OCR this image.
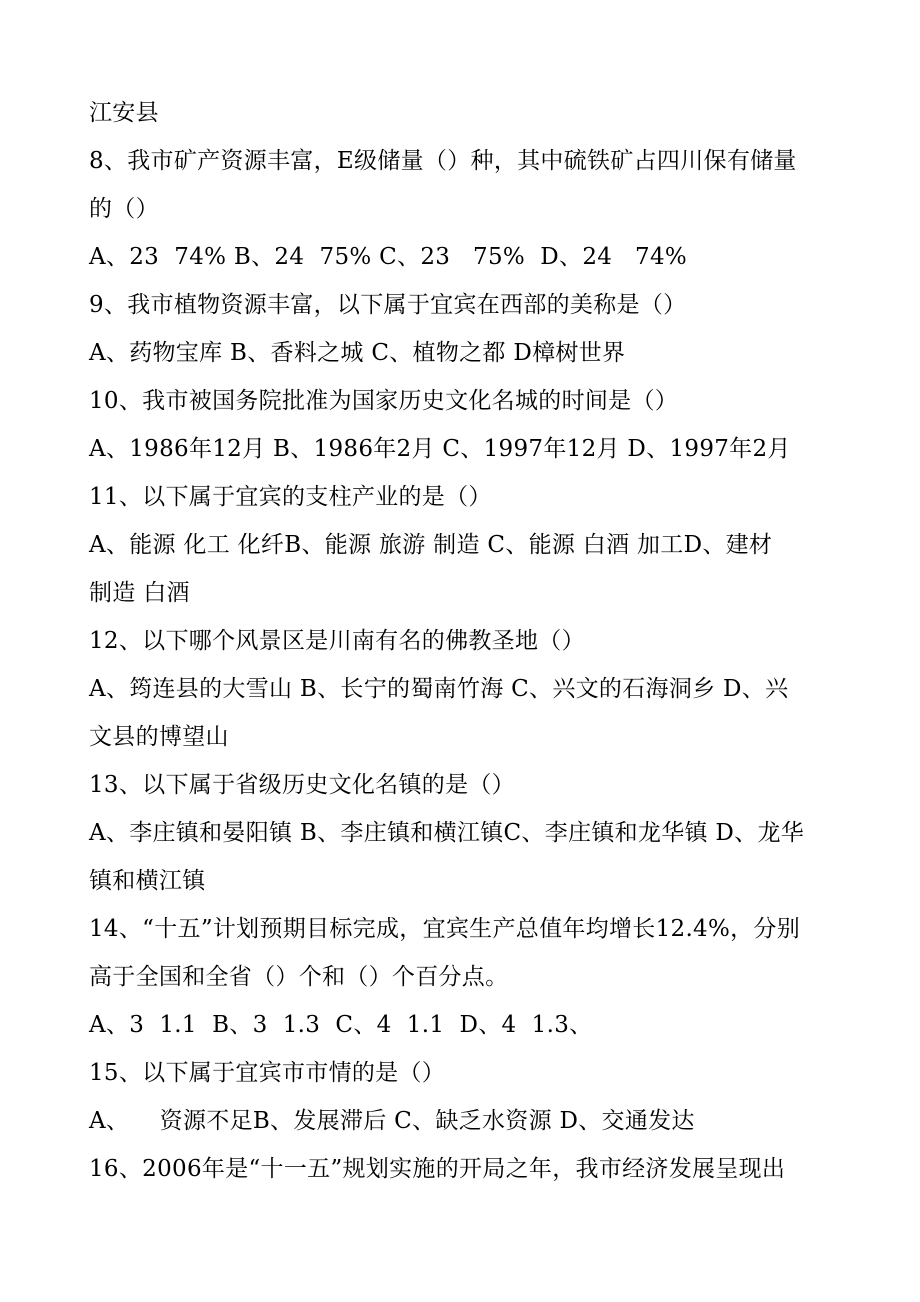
江安县
8、我市矿产资源丰富，E级储量（）种，其中硫铁矿占四川保有储量
的（）
A、23  74% B、24  75% C、23   75%  D、24   74%
9、我市植物资源丰富，以下属于宜宾在西部的美称是（）
A、药物宝库 B、香料之城 C、植物之都 D樟树世界
10、我市被国务院批准为国家历史文化名城的时间是（）
A、1986年12月 B、1986年2月 C、1997年12月 D、1997年2月
11、以下属于宜宾的支柱产业的是（）
A、能源 化工 化纤B、能源 旅游 制造 C、能源 白酒 加工D、建材
制造 白酒
12、以下哪个风景区是川南有名的佛教圣地（）
A、筠连县的大雪山 B、长宁的蜀南竹海 C、兴文的石海洞乡 D、兴
文县的博望山
13、以下属于省级历史文化名镇的是（）
A、李庄镇和晏阳镇 B、李庄镇和横江镇C、李庄镇和龙华镇 D、龙华
镇和横江镇
14、“十五”计划预期目标完成，宜宾生产总值年均增长12.4%，分别
高于全国和全省（）个和（）个百分点。
A、3  1.1  B、3  1.3  C、4  1.1  D、4  1.3、
15、以下属于宜宾市市情的是（）
A、    资源不足B、发展滞后 C、缺乏水资源 D、交通发达
16、2006年是“十一五”规划实施的开局之年，我市经济发展呈现出
